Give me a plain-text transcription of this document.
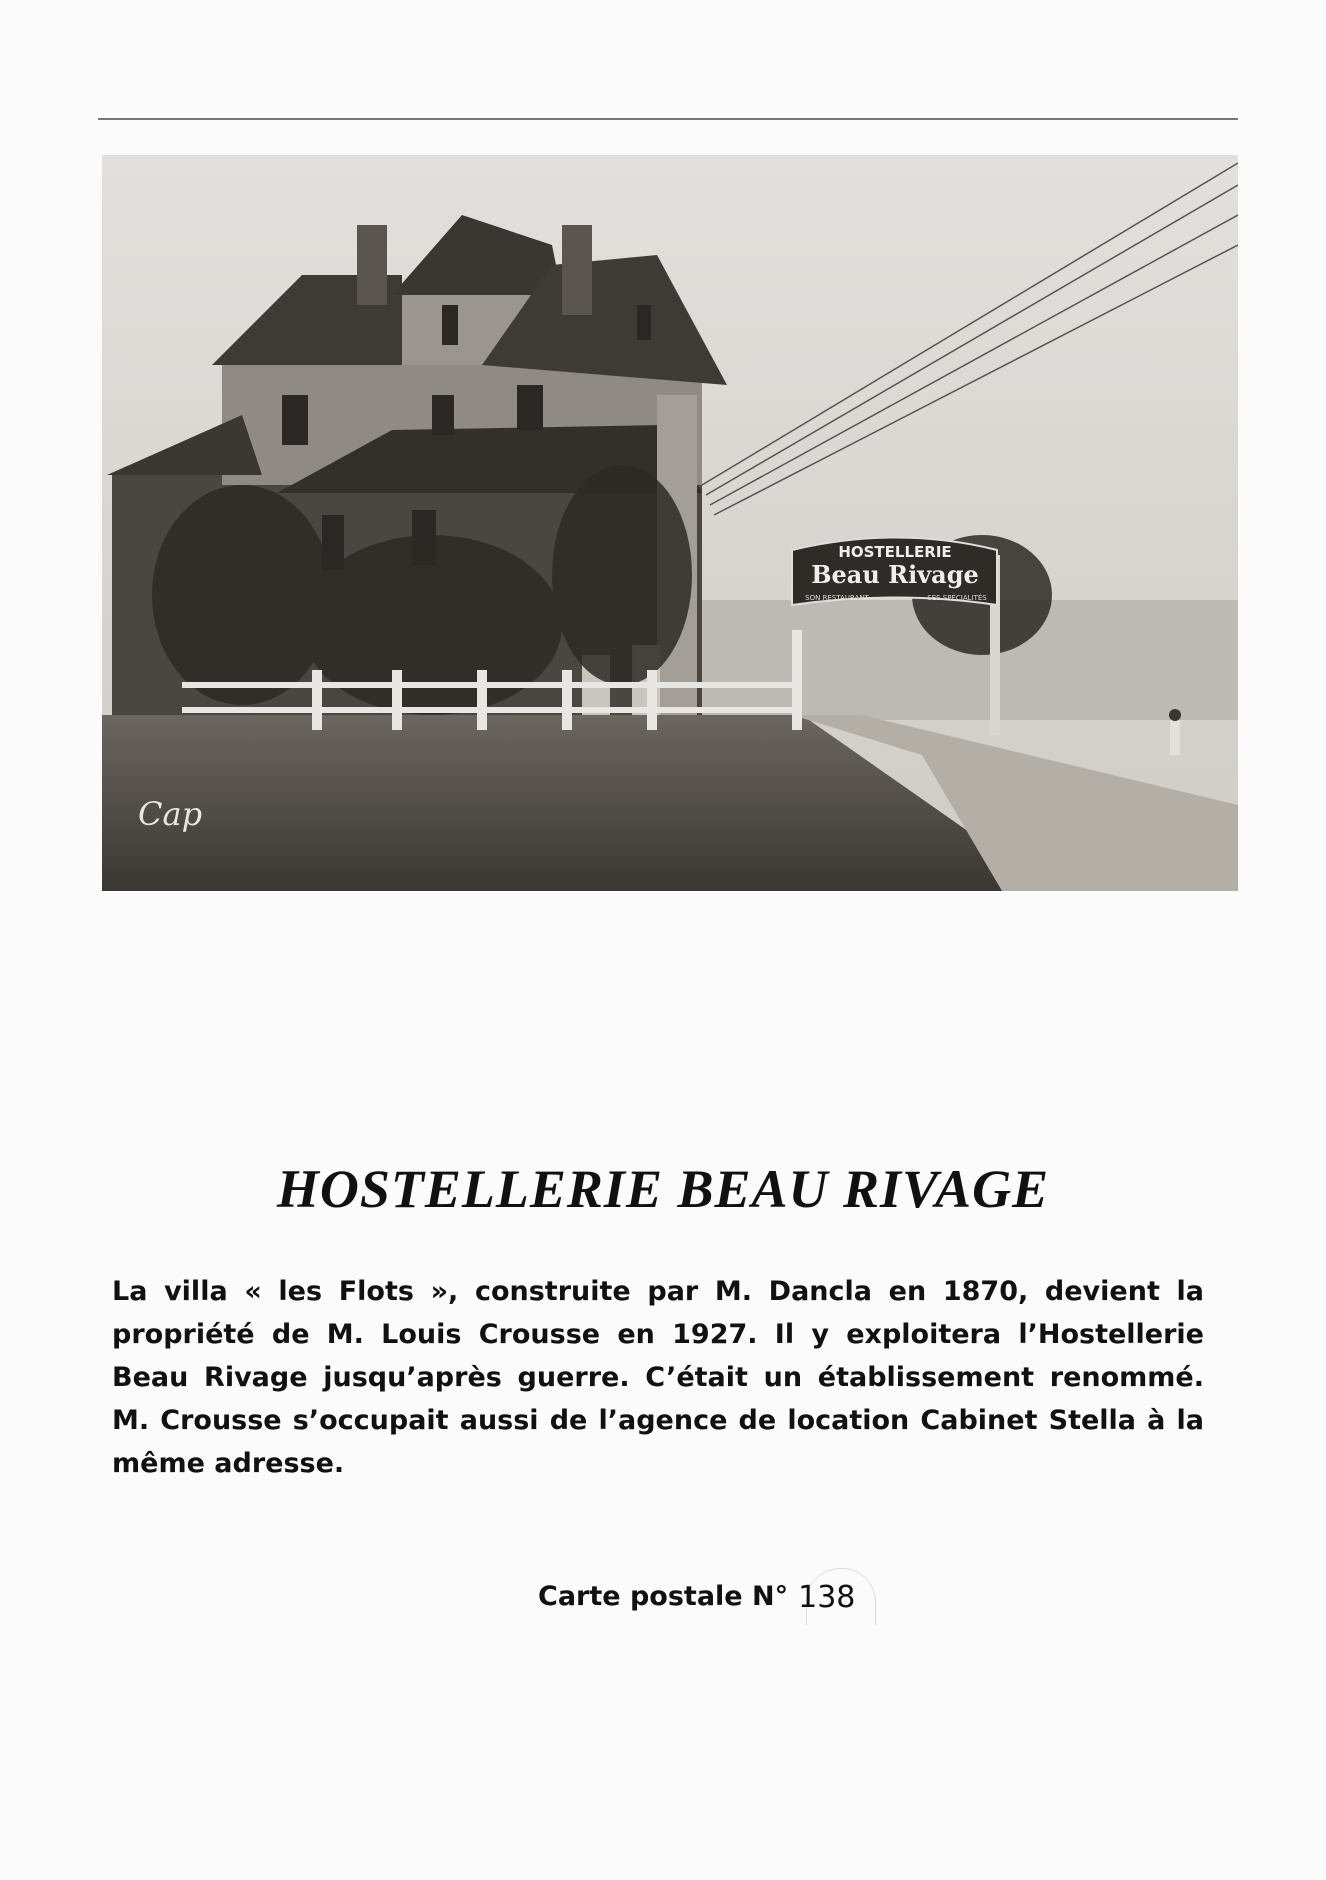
HOSTELLERIE
Beau Rivage
SON RESTAURANT	SES SPÉCIALITÉS
Cap
HOSTELLERIE BEAU RIVAGE

La villa « les Flots », construite par M. Dancla en 1870, devient la propriété de M. Louis Crousse en 1927. Il y exploitera l’Hostellerie Beau Rivage jusqu’après guerre. C’était un établissement renommé. M. Crousse s’occupait aussi de l’agence de location Cabinet Stella à la même adresse.

Carte postale N° 138
